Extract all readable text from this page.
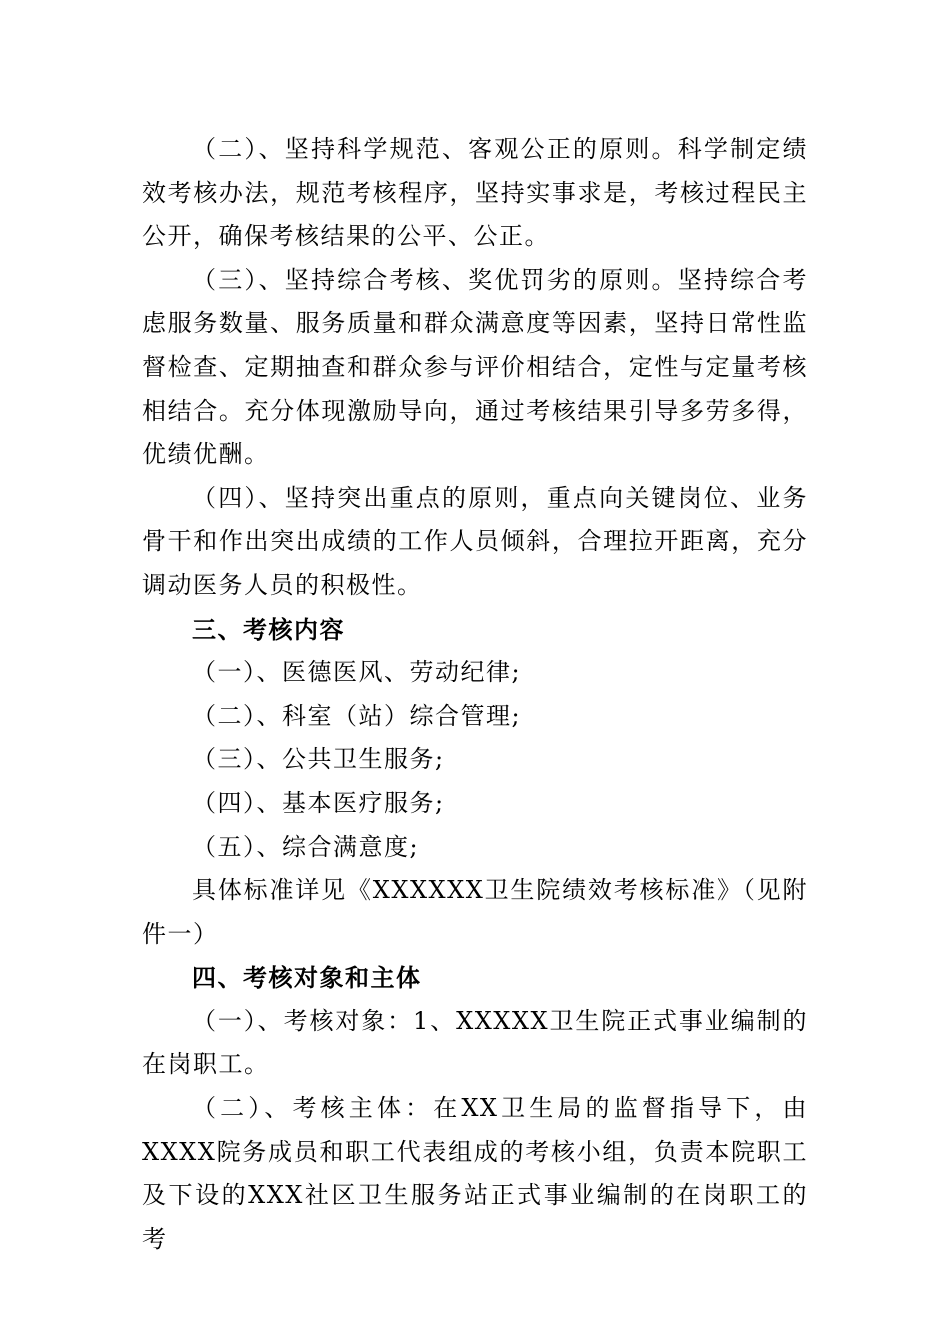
（二）、坚持科学规范、客观公正的原则。科学制定绩效考核办法，规范考核程序，坚持实事求是，考核过程民主公开，确保考核结果的公平、公正。

（三）、坚持综合考核、奖优罚劣的原则。坚持综合考虑服务数量、服务质量和群众满意度等因素，坚持日常性监督检查、定期抽查和群众参与评价相结合，定性与定量考核相结合。充分体现激励导向，通过考核结果引导多劳多得，优绩优酬。

（四）、坚持突出重点的原则，重点向关键岗位、业务骨干和作出突出成绩的工作人员倾斜，合理拉开距离，充分调动医务人员的积极性。

三、考核内容

（一）、医德医风、劳动纪律;

（二）、科室（站）综合管理;

（三）、公共卫生服务;

（四）、基本医疗服务;

（五）、综合满意度;

具体标准详见《XXXXXX卫生院绩效考核标准》（见附件一）

四、考核对象和主体

（一）、考核对象：1、XXXXX卫生院正式事业编制的在岗职工。

（二）、考核主体：在XX卫生局的监督指导下，由XXXX院务成员和职工代表组成的考核小组，负责本院职工及下设的XXX社区卫生服务站正式事业编制的在岗职工的考
